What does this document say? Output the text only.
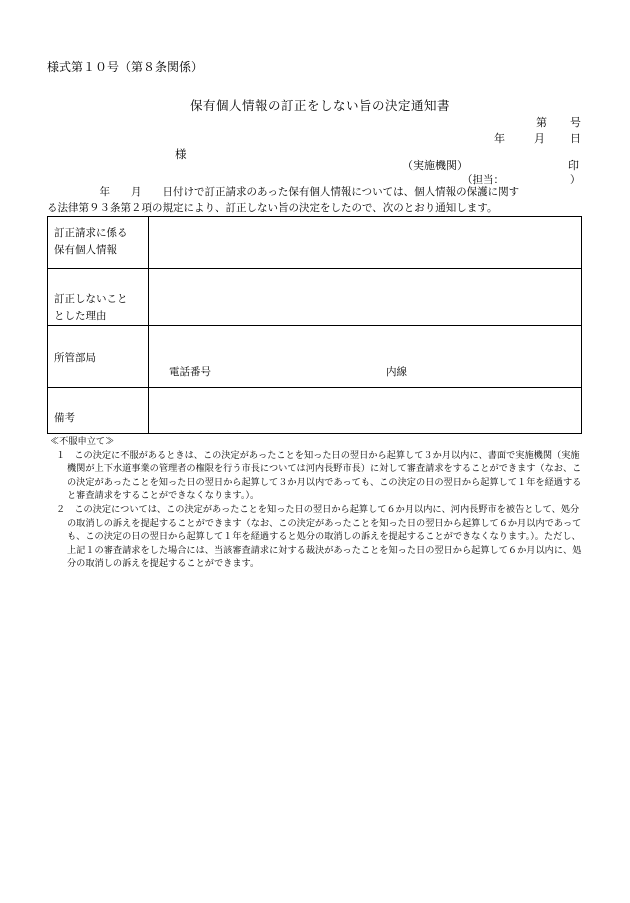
様式第１０号（第８条関係）
保有個人情報の訂正をしない旨の決定通知書
第 号
年	月 日
様
（実施機関）	印
（担当：	）
　　　　　年　　月　　日付けで訂正請求のあった保有個人情報については、個人情報の保護に関す
る法律第９３条第２項の規定により、訂正しない旨の決定をしたので、次のとおり通知します。
訂正請求に係る
保有個人情報	

訂正しないこと
とした理由	

所管部局	電話番号 内線

備考	

≪不服申立て≫
１　この決定に不服があるときは、この決定があったことを知った日の翌日から起算して３か月以内に、書面で実施機関（実施機関が上下水道事業の管理者の権限を行う市長については河内長野市長）に対して審査請求をすることができます（なお、この決定があったことを知った日の翌日から起算して３か月以内であっても、この決定の日の翌日から起算して１年を経過すると審査請求をすることができなくなります。）。
２　この決定については、この決定があったことを知った日の翌日から起算して６か月以内に、河内長野市を被告として、処分の取消しの訴えを提起することができます（なお、この決定があったことを知った日の翌日から起算して６か月以内であっても、この決定の日の翌日から起算して１年を経過すると処分の取消しの訴えを提起することができなくなります。）。ただし、上記１の審査請求をした場合には、当該審査請求に対する裁決があったことを知った日の翌日から起算して６か月以内に、処分の取消しの訴えを提起することができます。
